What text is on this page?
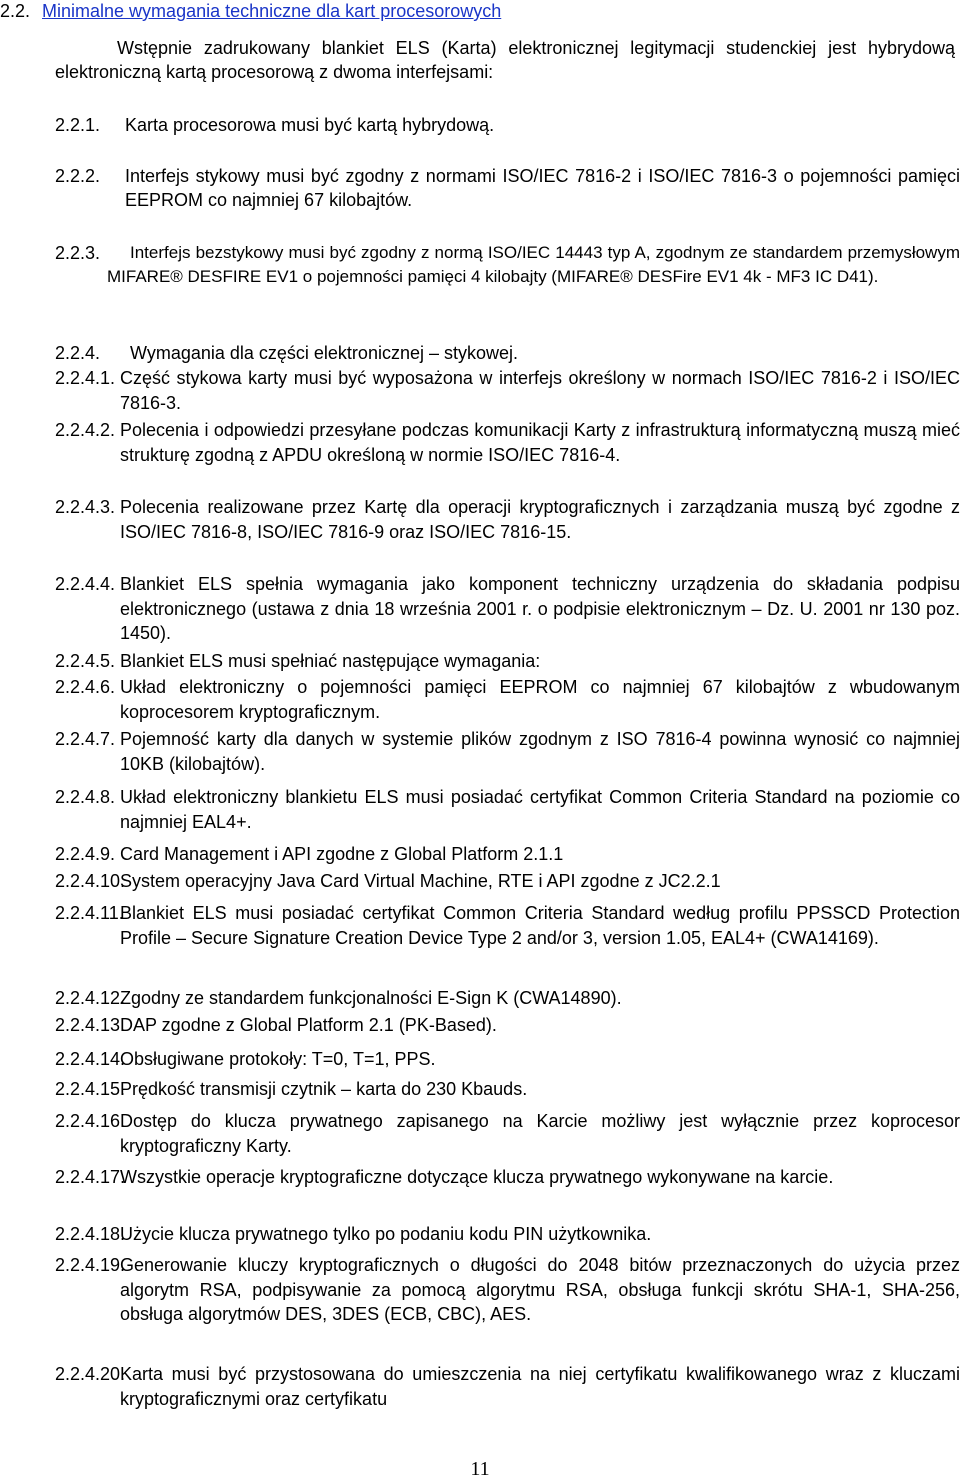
2.2. Minimalne wymagania techniczne dla kart procesorowych
Wstępnie zadrukowany blankiet ELS (Karta) elektronicznej legitymacji studenckiej jest hybrydową elektroniczną kartą procesorową z dwoma interfejsami:
2.2.1. Karta procesorowa musi być kartą hybrydową.
2.2.2. Interfejs stykowy musi być zgodny z normami ISO/IEC 7816-2 i ISO/IEC 7816-3 o pojemności pamięci EEPROM co najmniej 67 kilobajtów.
2.2.3.	Interfejs bezstykowy musi być zgodny z normą ISO/IEC 14443 typ A, zgodnym ze standardem przemysłowym MIFARE® DESFIRE EV1 o pojemności pamięci 4 kilobajty (MIFARE® DESFire EV1 4k - MF3 IC D41).
2.2.4. Wymagania dla części elektronicznej – stykowej.
2.2.4.1. Część stykowa karty musi być wyposażona w interfejs określony w normach ISO/IEC 7816-2 i ISO/IEC 7816-3.
2.2.4.2. Polecenia i odpowiedzi przesyłane podczas komunikacji Karty z infrastrukturą informatyczną muszą mieć strukturę zgodną z APDU określoną w normie ISO/IEC 7816-4.
2.2.4.3. Polecenia realizowane przez Kartę dla operacji kryptograficznych i zarządzania muszą być zgodne z ISO/IEC 7816-8, ISO/IEC 7816-9 oraz ISO/IEC 7816-15.
2.2.4.4. Blankiet ELS spełnia wymagania jako komponent techniczny urządzenia do składania podpisu elektronicznego (ustawa z dnia 18 września 2001 r. o podpisie elektronicznym – Dz. U. 2001 nr 130 poz. 1450).
2.2.4.5. Blankiet ELS musi spełniać następujące wymagania:
2.2.4.6. Układ elektroniczny o pojemności pamięci EEPROM co najmniej 67 kilobajtów z wbudowanym koprocesorem kryptograficznym.
2.2.4.7. Pojemność karty dla danych w systemie plików zgodnym z ISO 7816-4 powinna wynosić co najmniej 10KB (kilobajtów).
2.2.4.8. Układ elektroniczny blankietu ELS musi posiadać certyfikat Common Criteria Standard na poziomie co najmniej EAL4+.
2.2.4.9. Card Management i API zgodne z Global Platform 2.1.1
2.2.4.10.
System operacyjny Java Card Virtual Machine, RTE i API zgodne z JC2.2.1
2.2.4.11.
Blankiet ELS musi posiadać certyfikat Common Criteria Standard według profilu PPSSCD Protection Profile – Secure Signature Creation Device Type 2 and/or 3, version 1.05, EAL4+ (CWA14169).
2.2.4.12.
Zgodny ze standardem funkcjonalności E-Sign K (CWA14890).
2.2.4.13.
DAP zgodne z Global Platform 2.1 (PK-Based).
2.2.4.14.
Obsługiwane protokoły: T=0, T=1, PPS.
2.2.4.15.
Prędkość transmisji czytnik – karta do 230 Kbauds.
2.2.4.16.
Dostęp do klucza prywatnego zapisanego na Karcie możliwy jest wyłącznie przez koprocesor kryptograficzny Karty.
2.2.4.17.
Wszystkie operacje kryptograficzne dotyczące klucza prywatnego wykonywane na karcie.
2.2.4.18.
Użycie klucza prywatnego tylko po podaniu kodu PIN użytkownika.
2.2.4.19.
Generowanie kluczy kryptograficznych o długości do 2048 bitów przeznaczonych do użycia przez algorytm RSA, podpisywanie za pomocą algorytmu RSA, obsługa funkcji skrótu SHA-1, SHA-256, obsługa algorytmów DES, 3DES (ECB, CBC), AES.
2.2.4.20.
Karta musi być przystosowana do umieszczenia na niej certyfikatu kwalifikowanego wraz z kluczami kryptograficznymi oraz certyfikatu
11
